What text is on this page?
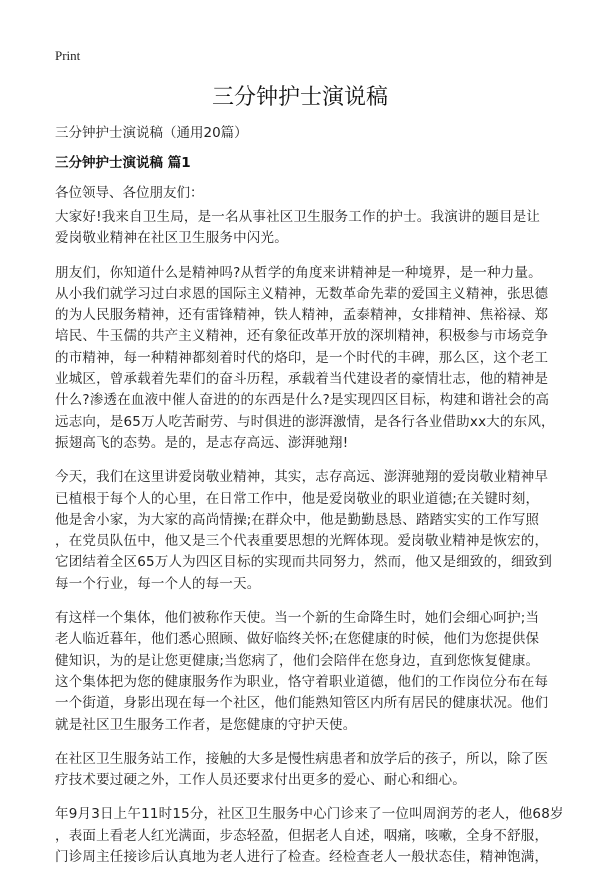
Print
三分钟护士演说稿
三分钟护士演说稿（通用20篇）
三分钟护士演说稿 篇1
各位领导、各位朋友们：

大家好!我来自卫生局，是一名从事社区卫生服务工作的护士。我演讲的题目是让
爱岗敬业精神在社区卫生服务中闪光。

朋友们，你知道什么是精神吗?从哲学的角度来讲精神是一种境界，是一种力量。
从小我们就学习过白求恩的国际主义精神，无数革命先辈的爱国主义精神，张思德
的为人民服务精神，还有雷锋精神，铁人精神，孟泰精神，女排精神、焦裕禄、郑
培民、牛玉儒的共产主义精神，还有象征改革开放的深圳精神，积极参与市场竞争
的市精神，每一种精神都刻着时代的烙印，是一个时代的丰碑，那么区，这个老工
业城区，曾承载着先辈们的奋斗历程，承载着当代建设者的豪情壮志，他的精神是
什么?渗透在血液中催人奋进的的东西是什么?是实现四区目标，构建和谐社会的高
远志向，是65万人吃苦耐劳、与时俱进的澎湃激情，是各行各业借助xx大的东风，
振翅高飞的态势。是的，是志存高远、澎湃驰翔!

今天，我们在这里讲爱岗敬业精神，其实，志存高远、澎湃驰翔的爱岗敬业精神早
已植根于每个人的心里，在日常工作中，他是爱岗敬业的职业道德;在关键时刻，
他是舍小家，为大家的高尚情操;在群众中，他是勤勤恳恳、踏踏实实的工作写照
，在党员队伍中，他又是三个代表重要思想的光辉体现。爱岗敬业精神是恢宏的，
它团结着全区65万人为四区目标的实现而共同努力，然而，他又是细致的，细致到
每一个行业，每一个人的每一天。

有这样一个集体，他们被称作天使。当一个新的生命降生时，她们会细心呵护;当
老人临近暮年，他们悉心照顾、做好临终关怀;在您健康的时候，他们为您提供保
健知识，为的是让您更健康;当您病了，他们会陪伴在您身边，直到您恢复健康。
这个集体把为您的健康服务作为职业，恪守着职业道德，他们的工作岗位分布在每
一个街道，身影出现在每一个社区，他们能熟知管区内所有居民的健康状况。他们
就是社区卫生服务工作者，是您健康的守护天使。

在社区卫生服务站工作，接触的大多是慢性病患者和放学后的孩子，所以，除了医
疗技术要过硬之外，工作人员还要求付出更多的爱心、耐心和细心。

年9月3日上午11时15分，社区卫生服务中心门诊来了一位叫周润芳的老人，他68岁
，表面上看老人红光满面，步态轻盈，但据老人自述，咽痛，咳嗽，全身不舒服，
门诊周主任接诊后认真地为老人进行了检查。经检查老人一般状态佳，精神饱满，
